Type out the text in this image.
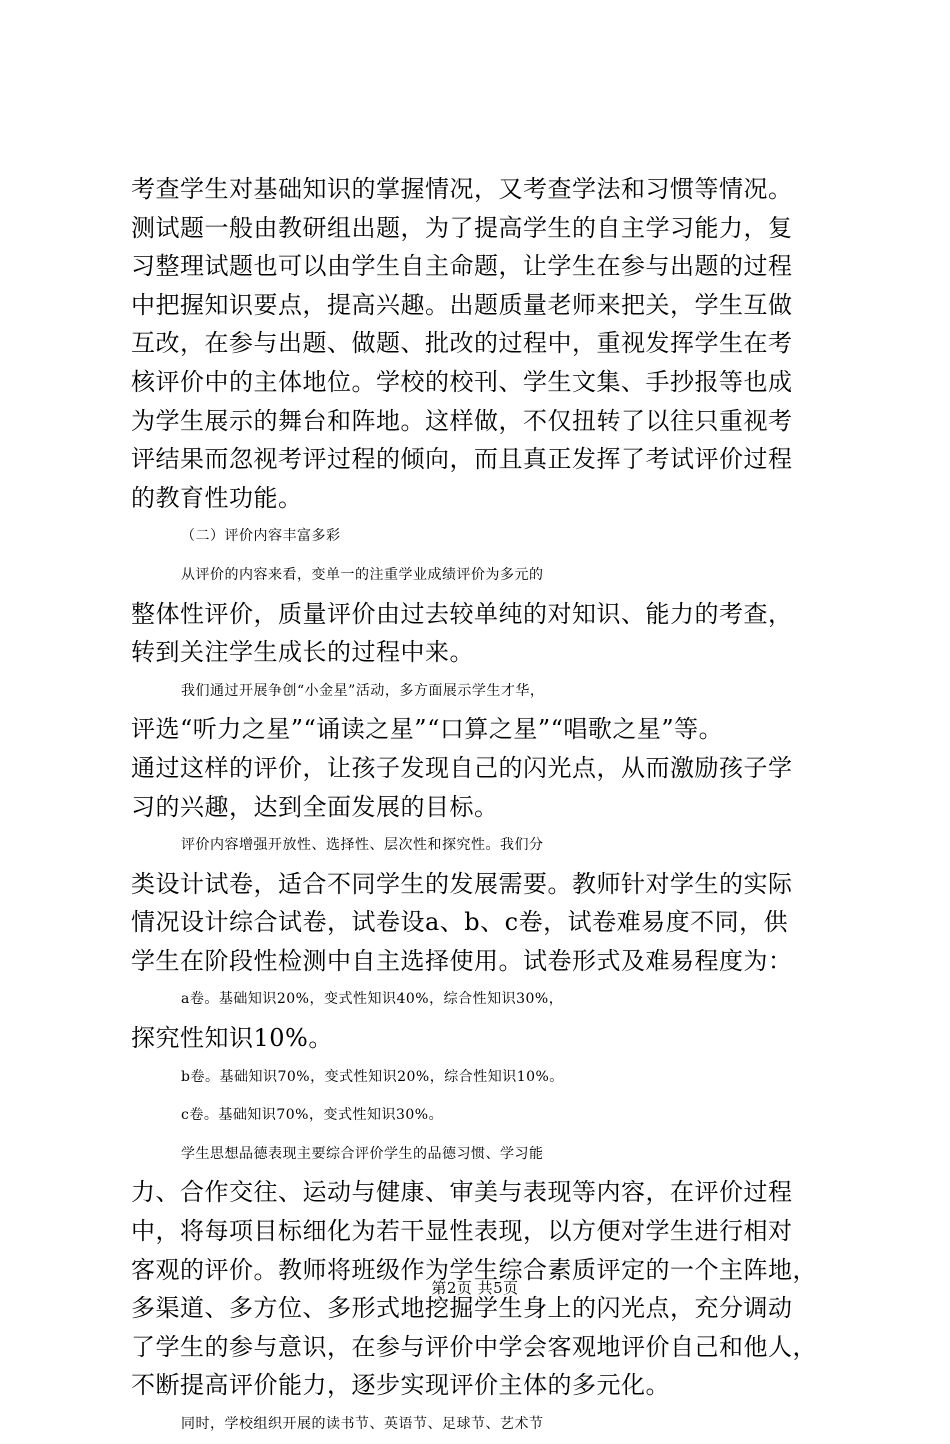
考查学生对基础知识的掌握情况，又考查学法和习惯等情况。
测试题一般由教研组出题，为了提高学生的自主学习能力，复
习整理试题也可以由学生自主命题，让学生在参与出题的过程
中把握知识要点，提高兴趣。出题质量老师来把关，学生互做
互改，在参与出题、做题、批改的过程中，重视发挥学生在考
核评价中的主体地位。学校的校刊、学生文集、手抄报等也成
为学生展示的舞台和阵地。这样做，不仅扭转了以往只重视考
评结果而忽视考评过程的倾向，而且真正发挥了考试评价过程
的教育性功能。
（二）评价内容丰富多彩
从评价的内容来看，变单一的注重学业成绩评价为多元的
整体性评价，质量评价由过去较单纯的对知识、能力的考查，
转到关注学生成长的过程中来。
我们通过开展争创“小金星”活动，多方面展示学生才华，
评选“听力之星”“诵读之星”“口算之星”“唱歌之星”等。
通过这样的评价，让孩子发现自己的闪光点，从而激励孩子学
习的兴趣，达到全面发展的目标。
评价内容增强开放性、选择性、层次性和探究性。我们分
类设计试卷，适合不同学生的发展需要。教师针对学生的实际
情况设计综合试卷，试卷设a、b、c卷，试卷难易度不同，供
学生在阶段性检测中自主选择使用。试卷形式及难易程度为：
a卷。基础知识20%，变式性知识40%，综合性知识30%，
探究性知识10%。
b卷。基础知识70%，变式性知识20%，综合性知识10%。
c卷。基础知识70%，变式性知识30%。
学生思想品德表现主要综合评价学生的品德习惯、学习能
力、合作交往、运动与健康、审美与表现等内容，在评价过程
中，将每项目标细化为若干显性表现，以方便对学生进行相对
客观的评价。教师将班级作为学生综合素质评定的一个主阵地，
多渠道、多方位、多形式地挖掘学生身上的闪光点，充分调动
了学生的参与意识，在参与评价中学会客观地评价自己和他人，
不断提高评价能力，逐步实现评价主体的多元化。
同时，学校组织开展的读书节、英语节、足球节、艺术节
第2页 共5页
